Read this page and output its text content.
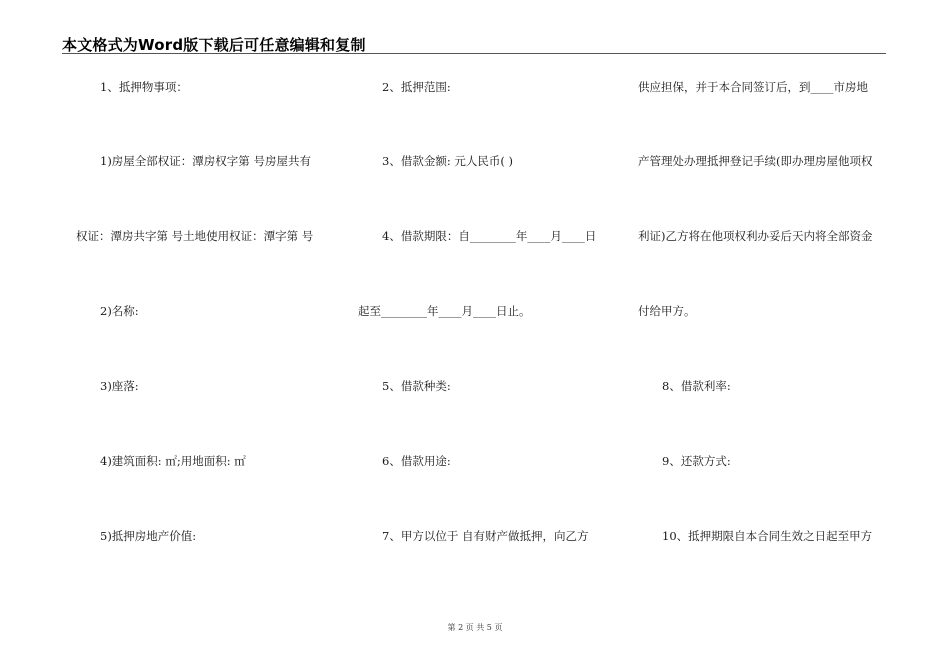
本文格式为Word版下载后可任意编辑和复制
1、抵押物事项：
1)房屋全部权证：潭房权字第 号房屋共有
权证：潭房共字第 号土地使用权证：潭字第 号
2)名称:
3)座落:
4)建筑面积: ㎡;用地面积: ㎡
5)抵押房地产价值:
2、抵押范围:
3、借款金额: 元人民币( )
4、借款期限：自________年____月____日
起至________年____月____日止。
5、借款种类:
6、借款用途:
7、甲方以位于 自有财产做抵押，向乙方
供应担保，并于本合同签订后，到____市房地
产管理处办理抵押登记手续(即办理房屋他项权
利证)乙方将在他项权利办妥后天内将全部资金
付给甲方。
8、借款利率:
9、还款方式:
10、抵押期限自本合同生效之日起至甲方
第 2 页 共 5 页
